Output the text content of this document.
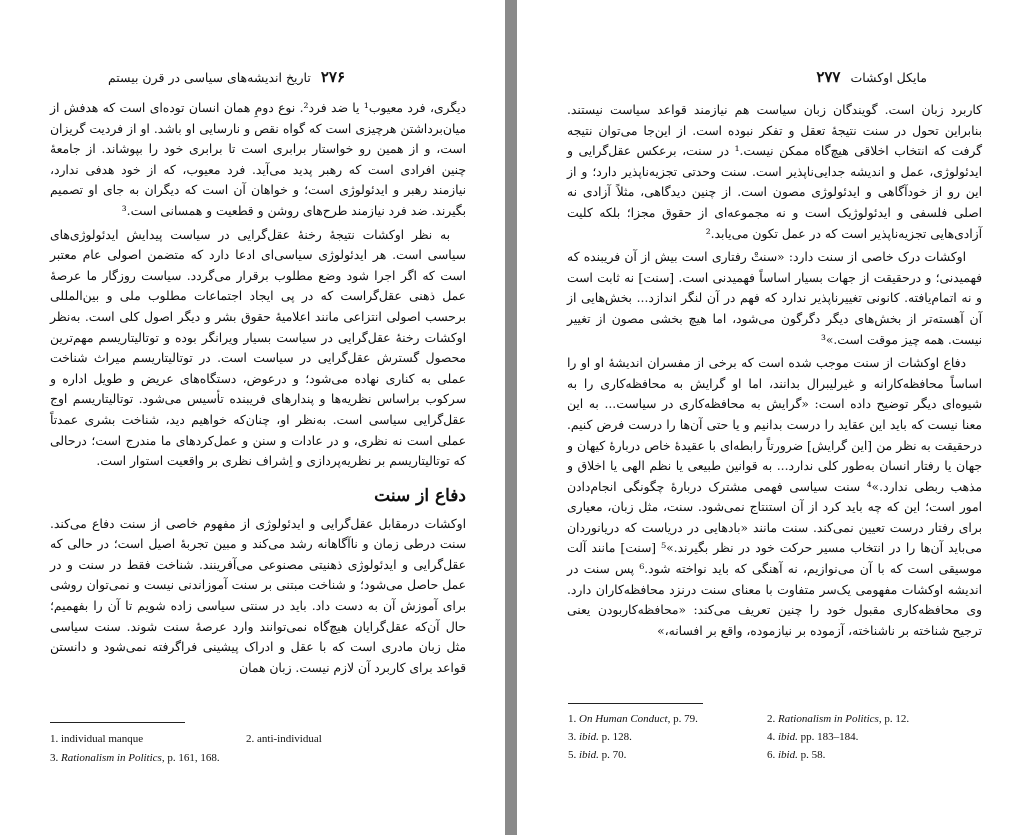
۲۷۶
تاریخ اندیشه‌های سیاسی در قرن بیستم

دیگری، فرد معیوب¹ یا ضد فرد². نوع دومِ همان انسان توده‌ای است که هدفش از میان‌برداشتن هرچیزی است که گواه نقص و نارسایی او باشد. او از فردیت گریزان است، و از همین رو خواستار برابری است تا برابری خود را بپوشاند. از جامعهٔ چنین افرادی است که رهبر پدید می‌آید. فرد معیوب، که از خود هدفی ندارد، نیازمند رهبر و ایدئولوژی است؛ و خواهان آن است که دیگران به جای او تصمیم بگیرند. ضد فرد نیازمند طرح‌های روشن و قطعیت و همسانی است.³

به نظر اوکشات نتیجهٔ رخنهٔ عقل‌گرایی در سیاست پیدایش ایدئولوژی‌های سیاسی است. هر ایدئولوژی سیاسی‌ای ادعا دارد که متضمن اصولی عام معتبر است که اگر اجرا شود وضع مطلوب برقرار می‌گردد. سیاست روزگار ما عرصهٔ عمل ذهنی عقل‌گراست که در پی ایجاد اجتماعات مطلوب ملی و بین‌المللی برحسب اصولی انتزاعی مانند اعلامیهٔ حقوق بشر و دیگر اصول کلی است. به‌نظر اوکشات رخنهٔ عقل‌گرایی در سیاست بسیار ویرانگر بوده و توتالیتاریسم مهم‌ترین محصول گسترش عقل‌گرایی در سیاست است. در توتالیتاریسم میراث شناخت عملی به کناری نهاده می‌شود؛ و درعوض، دستگاه‌های عریض و طویل اداره و سرکوب براساس نظریه‌ها و پندارهای فریبنده تأسیس می‌شود. توتالیتاریسم اوج عقل‌گرایی سیاسی است. به‌نظر او، چنان‌که خواهیم دید، شناخت بشری عمدتاً عملی است نه نظری، و در عادات و سنن و عمل‌کردهای ما مندرج است؛ درحالی که توتالیتاریسم بر نظریه‌پردازی و اِشراف نظری بر واقعیت استوار است.

دفاع از سنت

اوکشات درمقابل عقل‌گرایی و ایدئولوژی از مفهوم خاصی از سنت دفاع می‌کند. سنت درطی زمان و ناآگاهانه رشد می‌کند و مبین تجربهٔ اصیل است؛ در حالی که عقل‌گرایی و ایدئولوژی ذهنیتی مصنوعی می‌آفرینند. شناخت فقط در سنت و در عمل حاصل می‌شود؛ و شناخت مبتنی بر سنت آموزاندنی نیست و نمی‌توان روشی برای آموزش آن به دست داد. باید در سنتی سیاسی زاده شویم تا آن را بفهمیم؛ حال آن‌که عقل‌گرایان هیچ‌گاه نمی‌توانند وارد عرصهٔ سنت شوند. سنت سیاسی مثل زبان مادری است که با عقل و ادراک پیشینی فراگرفته نمی‌شود و دانستن قواعد برای کاربرد آن لازم نیست. زبان همان

1. individual manque	2. anti-individual
3. Rationalism in Politics, p. 161, 168.
مایکل اوکشات
۲۷۷

کاربرد زبان است. گویندگان زبان سیاست هم نیازمند قواعد سیاست نیستند. بنابراین تحول در سنت نتیجهٔ تعقل و تفکر نبوده است. از این‌جا می‌توان نتیجه گرفت که انتخاب اخلاقی هیچ‌گاه ممکن نیست.¹ در سنت، برعکس عقل‌گرایی و ایدئولوژی، عمل و اندیشه جدایی‌ناپذیر است. سنت وحدتی تجزیه‌ناپذیر دارد؛ و از این رو از خودآگاهی و ایدئولوژی مصون است. از چنین دیدگاهی، مثلاً آزادی نه اصلی فلسفی و ایدئولوژیک است و نه مجموعه‌ای از حقوق مجزا؛ بلکه کلیت آزادی‌هایی تجزیه‌ناپذیر است که در عمل تکون می‌یابد.²

اوکشات درک خاصی از سنت دارد: «سنتْ رفتاری است بیش از آن فریبنده که فهمیدنی؛ و درحقیقت از جهات بسیار اساساً فهمیدنی است. [سنت] نه ثابت است و نه اتمام‌یافته. کانونی تغییرناپذیر ندارد که فهم در آن لنگر اندازد... بخش‌هایی از آن آهسته‌تر از بخش‌های دیگر دگرگون می‌شود، اما هیچ بخشی مصون از تغییر نیست. همه چیز موقت است.»³

دفاع اوکشات از سنت موجب شده است که برخی از مفسران اندیشهٔ او او را اساساً محافظه‌کارانه و غیرلیبرال بدانند، اما او گرایش به محافظه‌کاری را به شیوه‌ای دیگر توضیح داده است: «گرایش به محافظه‌کاری در سیاست... به این معنا نیست که باید این عقاید را درست بدانیم و یا حتی آن‌ها را درست فرض کنیم. درحقیقت به نظر من [این گرایش] ضرورتاً رابطه‌ای با عقیدهٔ خاص دربارهٔ کیهان و جهان یا رفتار انسان به‌طور کلی ندارد... به قوانین طبیعی یا نظم الهی یا اخلاق و مذهب ربطی ندارد.»⁴ سنت سیاسی فهمی مشترک دربارهٔ چگونگی انجام‌دادن امور است؛ این که چه باید کرد از آن استنتاج نمی‌شود. سنت، مثل زبان، معیاری برای رفتار درست تعیین نمی‌کند. سنت مانند «بادهایی در دریاست که دریانوردان می‌باید آن‌ها را در انتخاب مسیر حرکت خود در نظر بگیرند.»⁵ [سنت] مانند آلت موسیقی است که با آن می‌نوازیم، نه آهنگی که باید نواخته شود.⁶ پس سنت در اندیشه اوکشات مفهومی یک‌سر متفاوت با معنای سنت درنزد محافظه‌کاران دارد. وی محافظه‌کاری مقبول خود را چنین تعریف می‌کند: «محافظه‌کاربودن یعنی ترجیح شناخته بر ناشناخته، آزموده بر نیازموده، واقع بر افسانه،»

1. On Human Conduct, p. 79.	2. Rationalism in Politics, p. 12.
3. ibid. p. 128.	4. ibid. pp. 183–184.
5. ibid. p. 70.	6. ibid. p. 58.
